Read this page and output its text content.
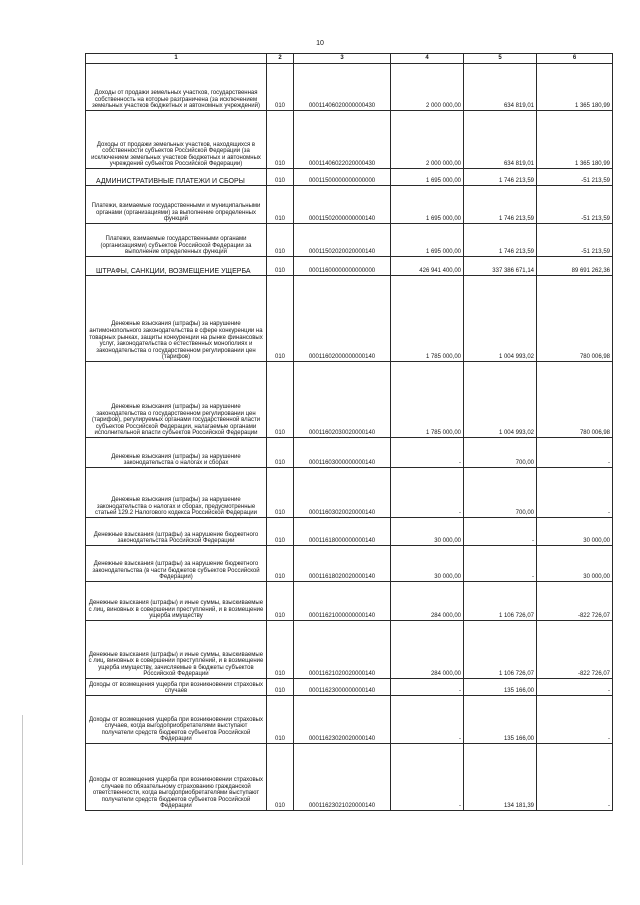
10
1	2	3	4	5	6
Доходы от продажи земельных участков, государственная собственность на которые разграничена (за исключением земельных участков бюджетных и автономных учреждений)	010	00011406020000000430	2 000 000,00	634 819,01	1 365 180,99
Доходы от продажи земельных участков, находящихся в собственности субъектов Российской Федерации (за исключением земельных участков бюджетных и автономных учреждений субъектов Российской Федерации)	010	00011406022020000430	2 000 000,00	634 819,01	1 365 180,99
АДМИНИСТРАТИВНЫЕ ПЛАТЕЖИ И СБОРЫ	010	00011500000000000000	1 695 000,00	1 746 213,59	-51 213,59
Платежи, взимаемые государственными и муниципальными органами (организациями) за выполнение определенных функций	010	00011502000000000140	1 695 000,00	1 746 213,59	-51 213,59
Платежи, взимаемые государственными органами (организациями) субъектов Российской Федерации за выполнение определенных функций	010	00011502020020000140	1 695 000,00	1 746 213,59	-51 213,59
ШТРАФЫ, САНКЦИИ, ВОЗМЕЩЕНИЕ УЩЕРБА	010	00011600000000000000	426 941 400,00	337 386 671,14	89 691 262,36
Денежные взыскания (штрафы) за нарушение антимонопольного законодательства в сфере конкуренции на товарных рынках, защиты конкуренции на рынке финансовых услуг, законодательства о естественных монополиях и законодательства о государственном регулировании цен (тарифов)	010	00011602000000000140	1 785 000,00	1 004 993,02	780 006,98
Денежные взыскания (штрафы) за нарушение законодательства о государственном регулировании цен (тарифов), регулируемых органами государственной власти субъектов Российской Федерации, налагаемые органами исполнительной власти субъектов Российской Федерации	010	00011602030020000140	1 785 000,00	1 004 993,02	780 006,98
Денежные взыскания (штрафы) за нарушение законодательства о налогах и сборах	010	00011603000000000140	-	700,00	-
Денежные взыскания (штрафы) за нарушение законодательства о налогах и сборах, предусмотренные статьей 129.2 Налогового кодекса Российской Федерации	010	00011603020020000140	-	700,00	-
Денежные взыскания (штрафы) за нарушение бюджетного законодательства Российской Федерации	010	00011618000000000140	30 000,00	-	30 000,00
Денежные взыскания (штрафы) за нарушение бюджетного законодательства (в части бюджетов субъектов Российской Федерации)	010	00011618020020000140	30 000,00	-	30 000,00
Денежные взыскания (штрафы) и иные суммы, взыскиваемые с лиц, виновных в совершении преступлений, и в возмещение ущерба имуществу	010	00011621000000000140	284 000,00	1 106 726,07	-822 726,07
Денежные взыскания (штрафы) и иные суммы, взыскиваемые с лиц, виновных в совершении преступлений, и в возмещение ущерба имуществу, зачисляемые в бюджеты субъектов Российской Федерации	010	00011621020020000140	284 000,00	1 106 726,07	-822 726,07
Доходы от возмещения ущерба при возникновении страховых случаев	010	00011623000000000140	-	135 166,00	-
Доходы от возмещения ущерба при возникновении страховых случаев, когда выгодоприобретателями выступают получатели средств бюджетов субъектов Российской Федерации	010	00011623020020000140	-	135 166,00	-
Доходы от возмещения ущерба при возникновении страховых случаев по обязательному страхованию гражданской ответственности, когда выгодоприобретателями выступают получатели средств бюджетов субъектов Российской Федерации	010	00011623021020000140	-	134 181,39	-
